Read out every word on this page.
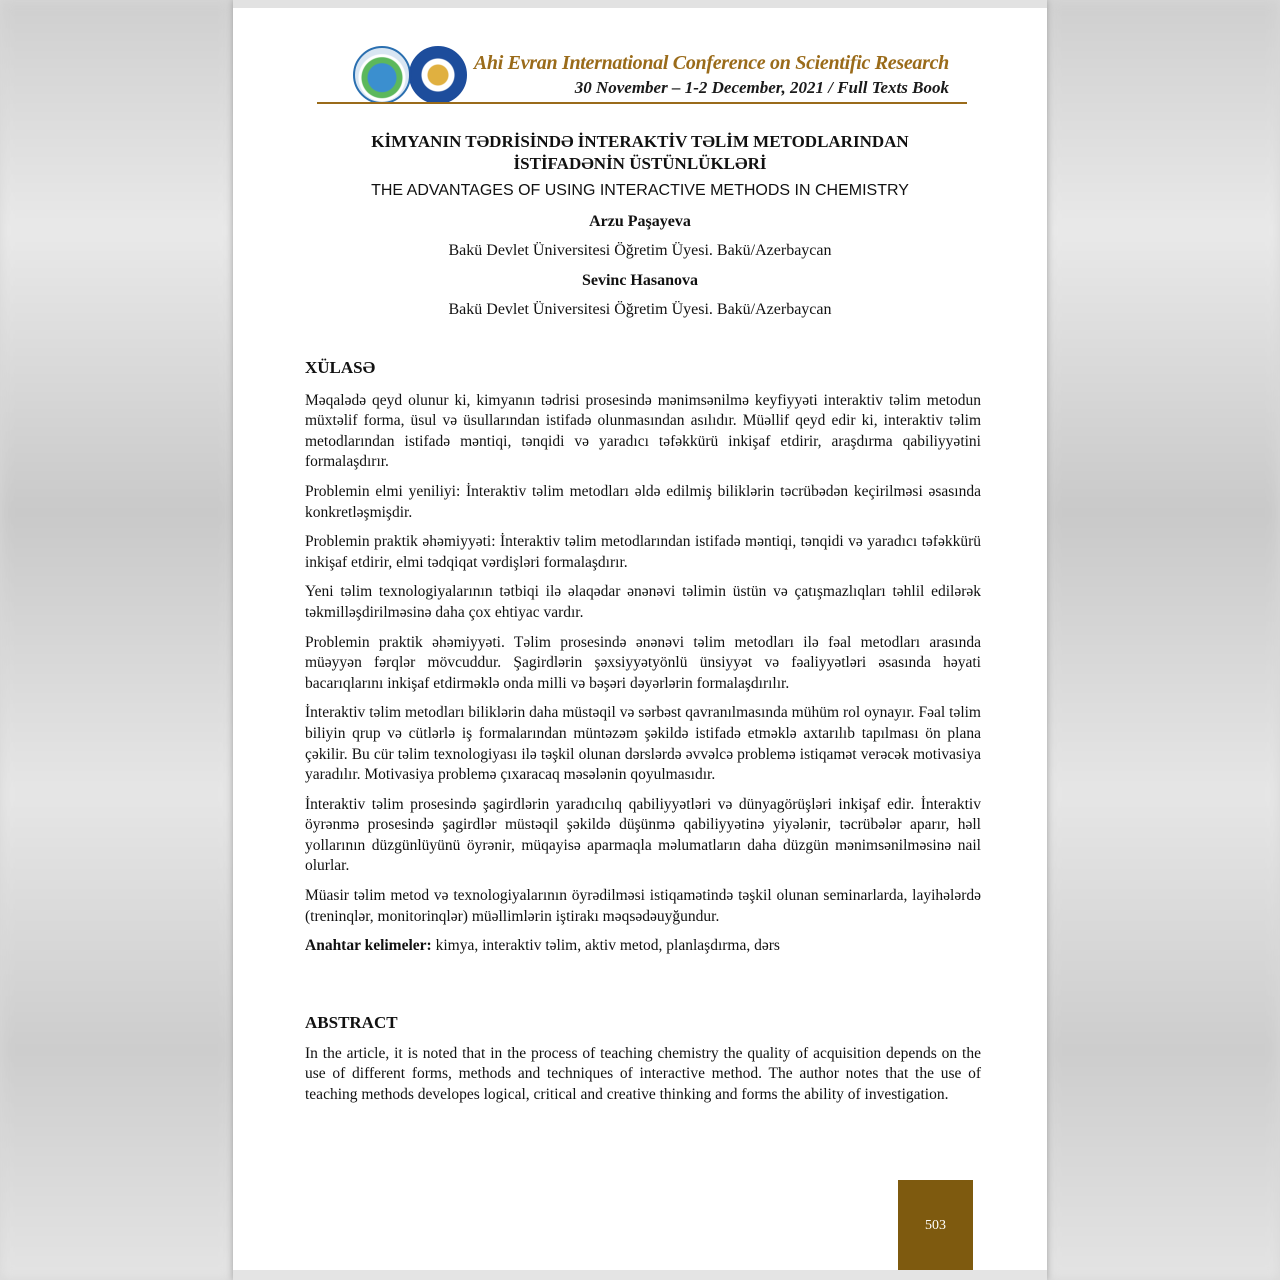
Ahi Evran International Conference on Scientific Research
30 November – 1-2 December, 2021 / Full Texts Book
KİMYANIN TƏDRİSİNDƏ İNTERAKTİV TƏLİM METODLARINDAN
İSTİFADƏNİN ÜSTÜNLÜKLƏRİ
THE ADVANTAGES OF USING INTERACTIVE METHODS IN CHEMISTRY
Arzu Paşayeva
Bakü Devlet Üniversitesi Öğretim Üyesi. Bakü/Azerbaycan
Sevinc Hasanova
Bakü Devlet Üniversitesi Öğretim Üyesi. Bakü/Azerbaycan
XÜLASƏ

Məqalədə qeyd olunur ki, kimyanın tədrisi prosesində mənimsənilmə keyfiyyəti interaktiv təlim metodun müxtəlif forma, üsul və üsullarından istifadə olunmasından asılıdır. Müəllif qeyd edir ki, interaktiv təlim metodlarından istifadə məntiqi, tənqidi və yaradıcı təfəkkürü inkişaf etdirir, araşdırma qabiliyyətini formalaşdırır.

Problemin elmi yeniliyi: İnteraktiv təlim metodları əldə edilmiş biliklərin təcrübədən keçirilməsi əsasında konkretləşmişdir.

Problemin praktik əhəmiyyəti: İnteraktiv təlim metodlarından istifadə məntiqi, tənqidi və yaradıcı təfəkkürü inkişaf etdirir, elmi tədqiqat vərdişləri formalaşdırır.

Yeni təlim texnologiyalarının tətbiqi ilə əlaqədar ənənəvi təlimin üstün və çatışmazlıqları təhlil edilərək təkmilləşdirilməsinə daha çox ehtiyac vardır.

Problemin praktik əhəmiyyəti. Təlim prosesində ənənəvi təlim metodları ilə fəal metodları arasında müəyyən fərqlər mövcuddur. Şagirdlərin şəxsiyyətyönlü ünsiyyət və fəaliyyətləri əsasında həyati bacarıqlarını inkişaf etdirməklə onda milli və bəşəri dəyərlərin formalaşdırılır.

İnteraktiv təlim metodları biliklərin daha müstəqil və sərbəst qavranılmasında mühüm rol oynayır. Fəal təlim biliyin qrup və cütlərlə iş formalarından müntəzəm şəkildə istifadə etməklə axtarılıb tapılması ön plana çəkilir. Bu cür təlim texnologiyası ilə təşkil olunan dərslərdə əvvəlcə problemə istiqamət verəcək motivasiya yaradılır. Motivasiya problemə çıxaracaq məsələnin qoyulmasıdır.

İnteraktiv təlim prosesində şagirdlərin yaradıcılıq qabiliyyətləri və dünyagörüşləri inkişaf edir. İnteraktiv öyrənmə prosesində şagirdlər müstəqil şəkildə düşünmə qabiliyyətinə yiyələnir, təcrübələr aparır, həll yollarının düzgünlüyünü öyrənir, müqayisə aparmaqla məlumatların daha düzgün mənimsənilməsinə nail olurlar.

Müasir təlim metod və texnologiyalarının öyrədilməsi istiqamətində təşkil olunan seminarlarda, layihələrdə (treninqlər, monitorinqlər) müəllimlərin iştirakı məqsədəuyğundur.

Anahtar kelimeler: kimya, interaktiv təlim, aktiv metod, planlaşdırma, dərs

ABSTRACT

In the article, it is noted that in the process of teaching chemistry the quality of acquisition depends on the use of different forms, methods and techniques of interactive method. The author notes that the use of teaching methods developes logical, critical and creative thinking and forms the ability of investigation.

503
